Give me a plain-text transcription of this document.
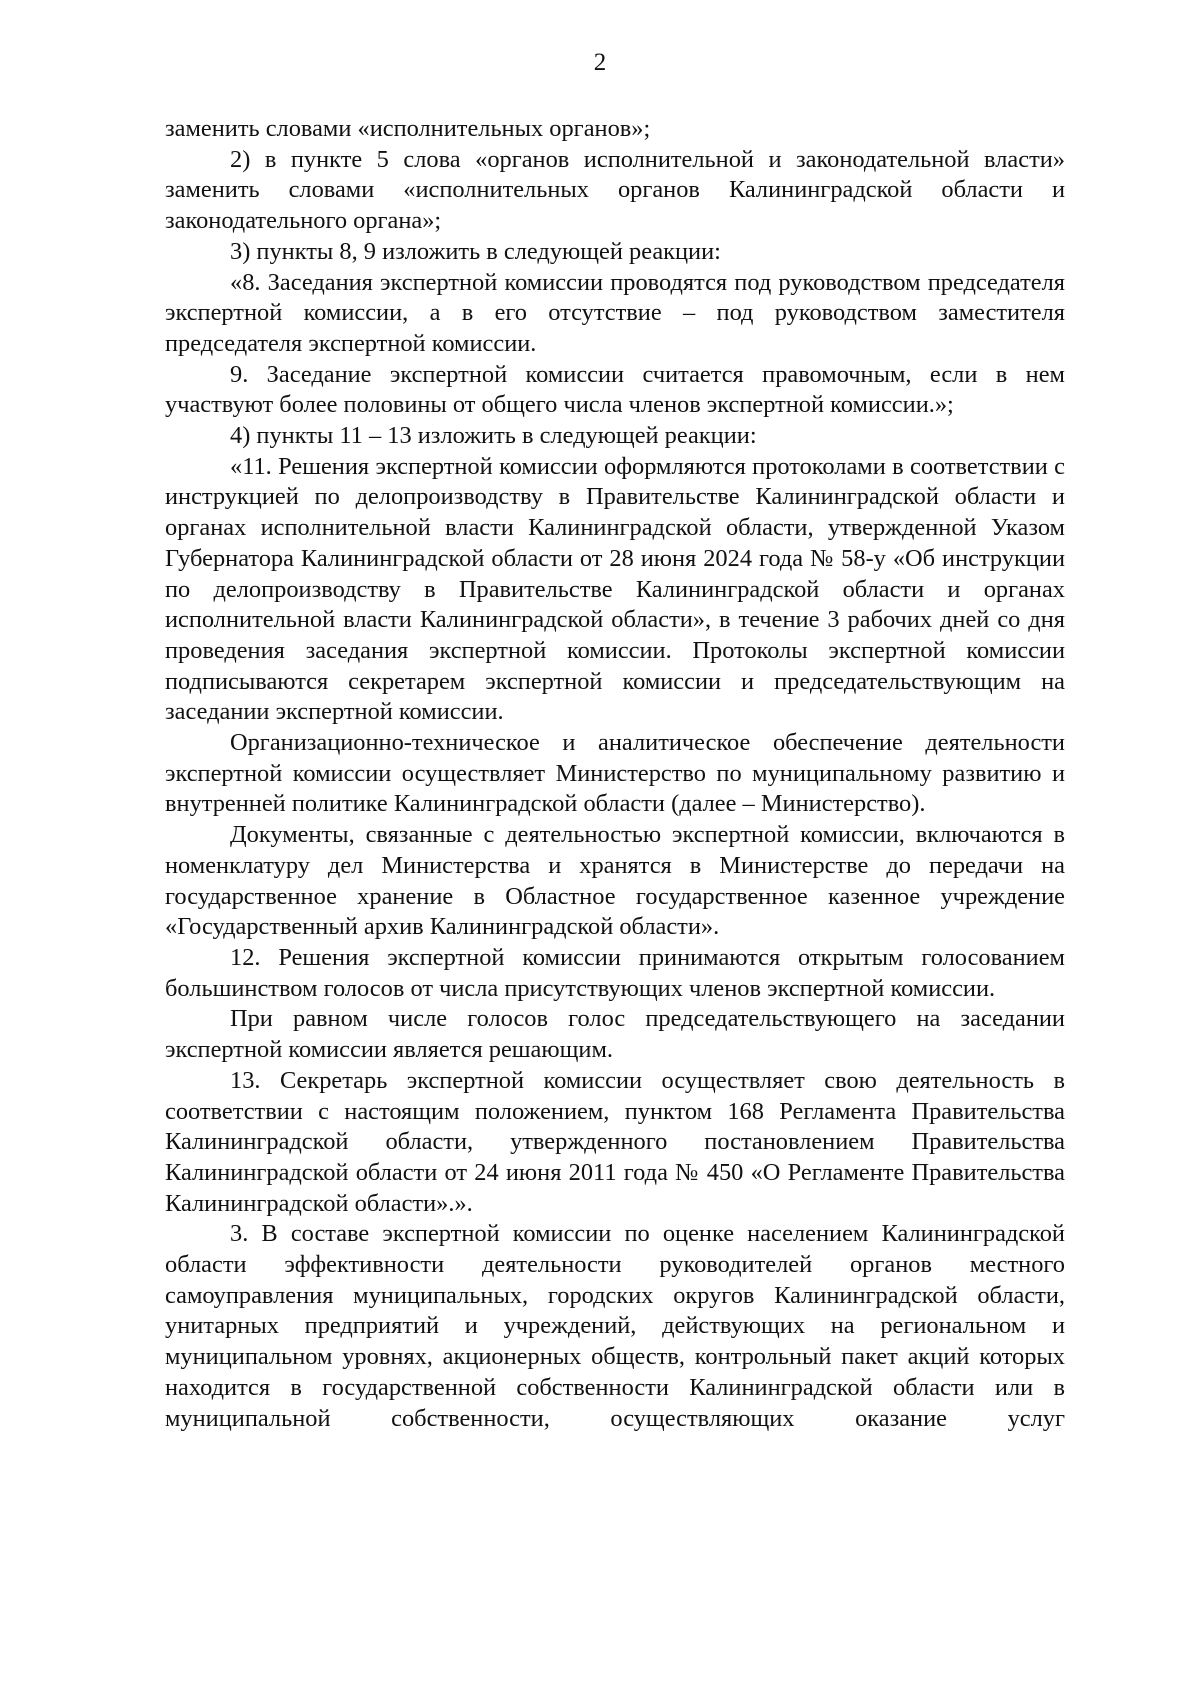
2

заменить словами «исполнительных органов»;

2) в пункте 5 слова «органов исполнительной и законодательной власти» заменить словами «исполнительных органов Калининградской области и законодательного органа»;

3) пункты 8, 9 изложить в следующей реакции:

«8. Заседания экспертной комиссии проводятся под руководством председателя экспертной комиссии, а в его отсутствие – под руководством заместителя председателя экспертной комиссии.

9. Заседание экспертной комиссии считается правомочным, если в нем участвуют более половины от общего числа членов экспертной комиссии.»;

4) пункты 11 – 13 изложить в следующей реакции:

«11. Решения экспертной комиссии оформляются протоколами в соответствии с инструкцией по делопроизводству в Правительстве Калининградской области и органах исполнительной власти Калининградской области, утвержденной Указом Губернатора Калининградской области от 28 июня 2024 года № 58-у «Об инструкции по делопроизводству в Правительстве Калининградской области и органах исполнительной власти Калининградской области», в течение 3 рабочих дней со дня проведения заседания экспертной комиссии. Протоколы экспертной комиссии подписываются секретарем экспертной комиссии и председательствующим на заседании экспертной комиссии.

Организационно-техническое и аналитическое обеспечение деятельности экспертной комиссии осуществляет Министерство по муниципальному развитию и внутренней политике Калининградской области (далее – Министерство).

Документы, связанные с деятельностью экспертной комиссии, включаются в номенклатуру дел Министерства и хранятся в Министерстве до передачи на государственное хранение в Областное государственное казенное учреждение «Государственный архив Калининградской области».

12. Решения экспертной комиссии принимаются открытым голосованием большинством голосов от числа присутствующих членов экспертной комиссии.

При равном числе голосов голос председательствующего на заседании экспертной комиссии является решающим.

13. Секретарь экспертной комиссии осуществляет свою деятельность в соответствии с настоящим положением, пунктом 168 Регламента Правительства Калининградской области, утвержденного постановлением Правительства Калининградской области от 24 июня 2011 года № 450 «О Регламенте Правительства Калининградской области».».

3. В составе экспертной комиссии по оценке населением Калининградской области эффективности деятельности руководителей органов местного самоуправления муниципальных, городских округов Калининградской области, унитарных предприятий и учреждений, действующих на региональном и муниципальном уровнях, акционерных обществ, контрольный пакет акций которых находится в государственной собственности Калининградской области или в муниципальной собственности, осуществляющих оказание услуг
